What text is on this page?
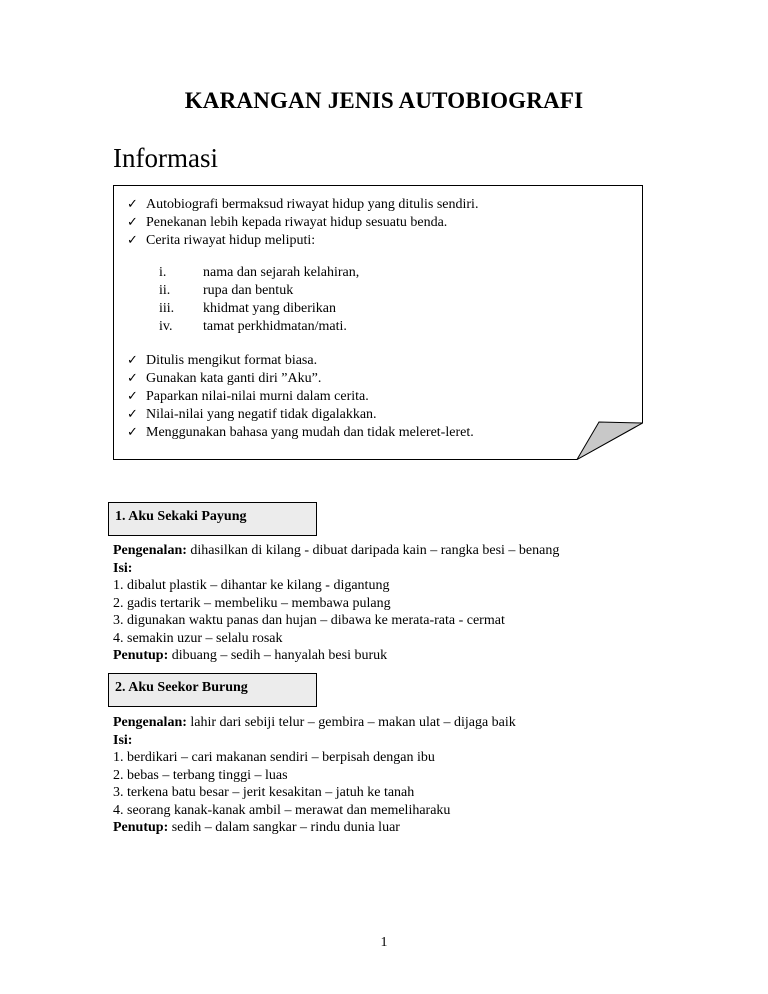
KARANGAN JENIS AUTOBIOGRAFI
Informasi
✓ Autobiografi bermaksud riwayat hidup yang ditulis sendiri.
✓ Penekanan lebih kepada riwayat hidup sesuatu benda.
✓ Cerita riwayat hidup meliputi:
i.	nama dan sejarah kelahiran,
ii. rupa dan bentuk
iii. khidmat yang diberikan
iv. tamat perkhidmatan/mati.
✓ Ditulis mengikut format biasa.
✓ Gunakan kata ganti diri ”Aku”.
✓ Paparkan nilai-nilai murni dalam cerita.
✓ Nilai-nilai yang negatif tidak digalakkan.
✓ Menggunakan bahasa yang mudah dan tidak meleret-leret.
1. Aku Sekaki Payung
Pengenalan: dihasilkan di kilang - dibuat daripada kain – rangka besi – benang
Isi:
1. dibalut plastik – dihantar ke kilang - digantung
2. gadis tertarik – membeliku – membawa pulang
3. digunakan waktu panas dan hujan – dibawa ke merata-rata - cermat
4. semakin uzur – selalu rosak
Penutup: dibuang – sedih – hanyalah besi buruk
2. Aku Seekor Burung
Pengenalan: lahir dari sebiji telur – gembira – makan ulat – dijaga baik
Isi:
1. berdikari – cari makanan sendiri – berpisah dengan ibu
2. bebas – terbang tinggi – luas
3. terkena batu besar – jerit kesakitan – jatuh ke tanah
4. seorang kanak-kanak ambil – merawat dan memeliharaku
Penutup: sedih – dalam sangkar – rindu dunia luar
1
